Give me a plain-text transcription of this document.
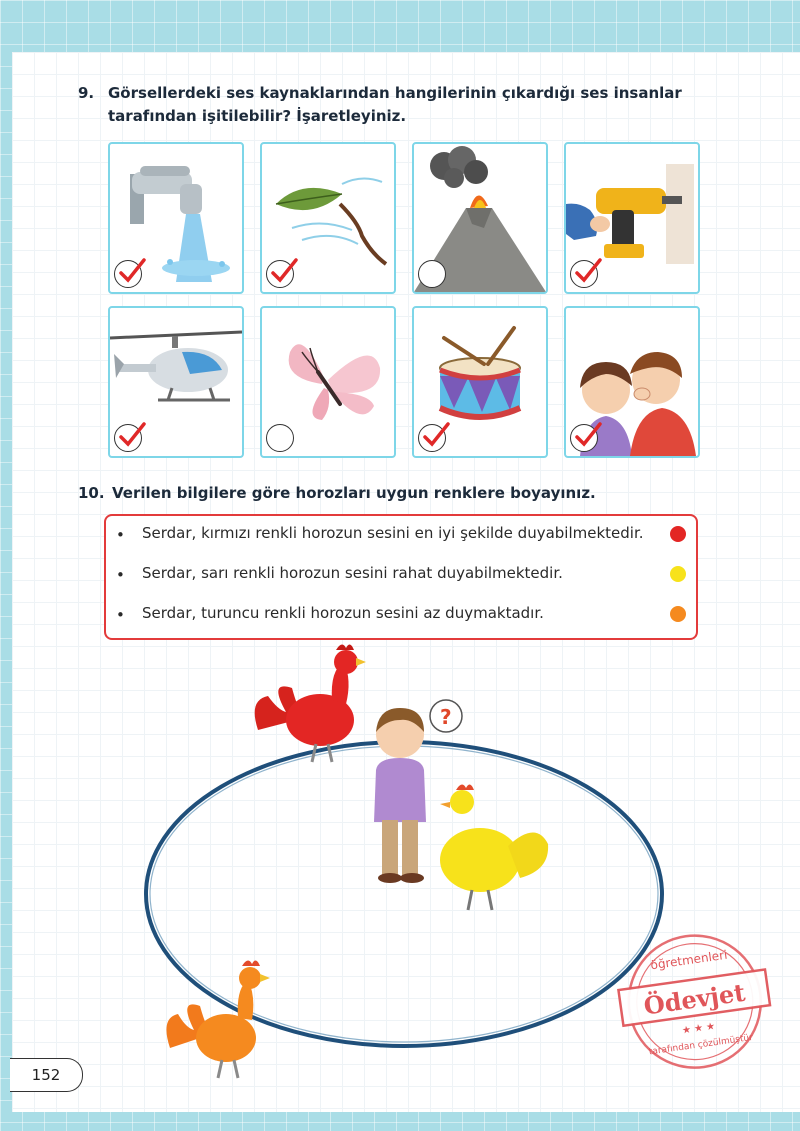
9. Görsellerdeki ses kaynaklarından hangilerinin çıkardığı ses insanlar tarafından işitilebilir? İşaretleyiniz.
10. Verilen bilgilere göre horozları uygun renklere boyayınız.
• Serdar, kırmızı renkli horozun sesini en iyi şekilde duyabilmektedir.
• Serdar, sarı renkli horozun sesini rahat duyabilmektedir.
• Serdar, turuncu renkli horozun sesini az duymaktadır.
?
öğretmenleri
Ödevjet
★ ★ ★
tarafından çözülmüştür
152
